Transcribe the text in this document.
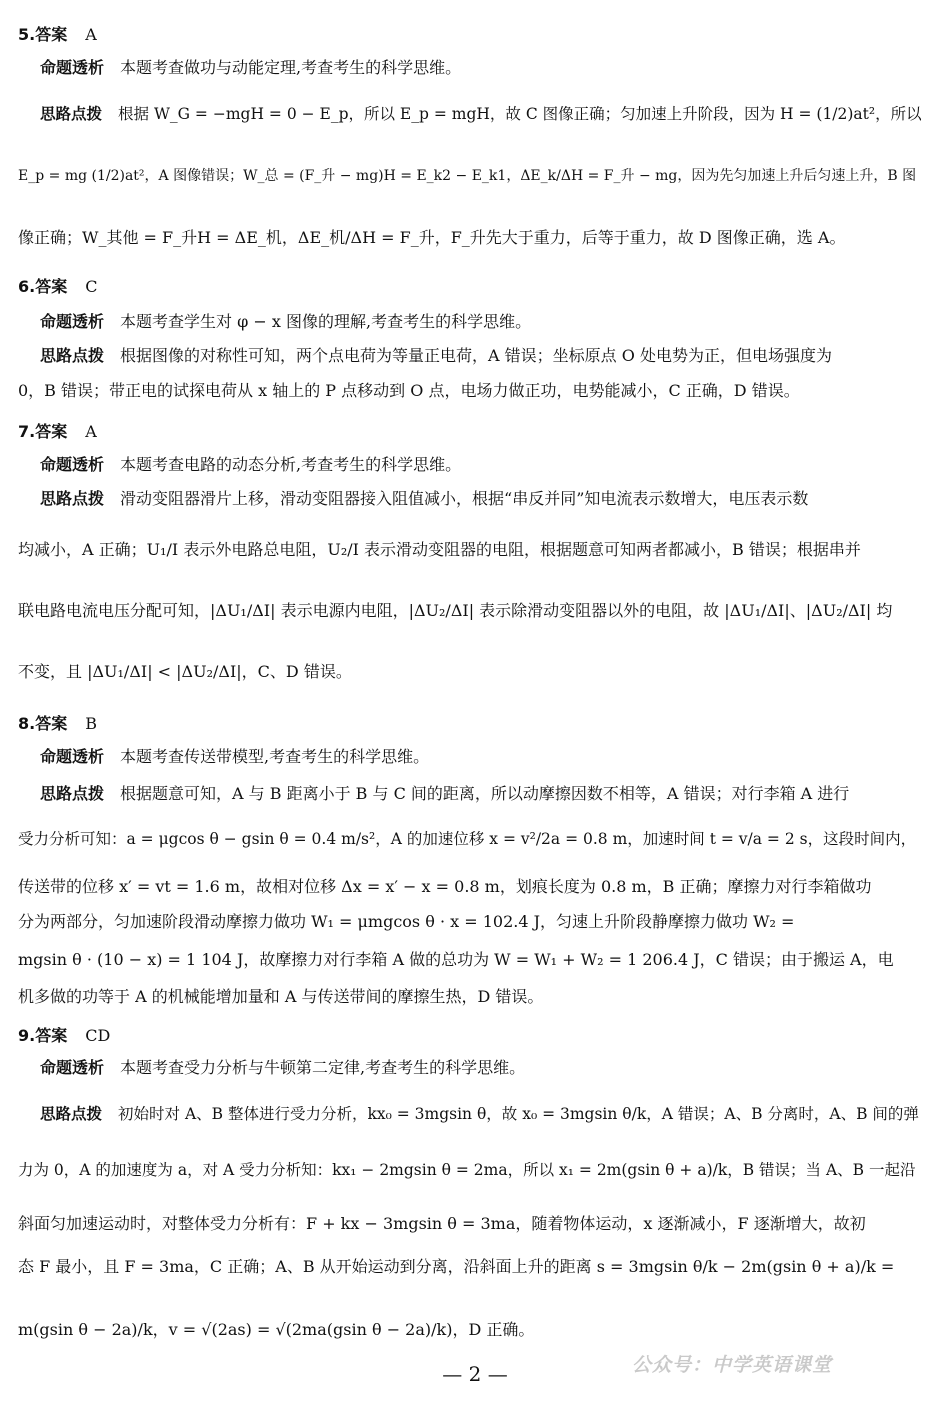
5.答案 A
命题透析 本题考查做功与动能定理,考查考生的科学思维。
思路点拨 根据 W_G = −mgH = 0 − E_p，所以 E_p = mgH，故 C 图像正确；匀加速上升阶段，因为 H = (1/2)at²，所以
E_p = mg (1/2)at²，A 图像错误；W_总 = (F_升 − mg)H = E_k2 − E_k1，ΔE_k/ΔH = F_升 − mg，因为先匀加速上升后匀速上升，B 图
像正确；W_其他 = F_升H = ΔE_机，ΔE_机/ΔH = F_升，F_升先大于重力，后等于重力，故 D 图像正确，选 A。
6.答案 C
命题透析 本题考查学生对 φ − x 图像的理解,考查考生的科学思维。
思路点拨 根据图像的对称性可知，两个点电荷为等量正电荷，A 错误；坐标原点 O 处电势为正，但电场强度为
0，B 错误；带正电的试探电荷从 x 轴上的 P 点移动到 O 点，电场力做正功，电势能减小，C 正确，D 错误。
7.答案 A
命题透析 本题考查电路的动态分析,考查考生的科学思维。
思路点拨 滑动变阻器滑片上移，滑动变阻器接入阻值减小，根据“串反并同”知电流表示数增大，电压表示数
均减小，A 正确；U₁/I 表示外电路总电阻，U₂/I 表示滑动变阻器的电阻，根据题意可知两者都减小，B 错误；根据串并
联电路电流电压分配可知，|ΔU₁/ΔI| 表示电源内电阻，|ΔU₂/ΔI| 表示除滑动变阻器以外的电阻，故 |ΔU₁/ΔI|、|ΔU₂/ΔI| 均
不变，且 |ΔU₁/ΔI| < |ΔU₂/ΔI|，C、D 错误。
8.答案 B
命题透析 本题考查传送带模型,考查考生的科学思维。
思路点拨 根据题意可知，A 与 B 距离小于 B 与 C 间的距离，所以动摩擦因数不相等，A 错误；对行李箱 A 进行
受力分析可知：a = μgcos θ − gsin θ = 0.4 m/s²，A 的加速位移 x = v²/2a = 0.8 m，加速时间 t = v/a = 2 s，这段时间内，
传送带的位移 x′ = vt = 1.6 m，故相对位移 Δx = x′ − x = 0.8 m，划痕长度为 0.8 m，B 正确；摩擦力对行李箱做功
分为两部分，匀加速阶段滑动摩擦力做功 W₁ = μmgcos θ · x = 102.4 J，匀速上升阶段静摩擦力做功 W₂ =
mgsin θ · (10 − x) = 1 104 J，故摩擦力对行李箱 A 做的总功为 W = W₁ + W₂ = 1 206.4 J，C 错误；由于搬运 A，电
机多做的功等于 A 的机械能增加量和 A 与传送带间的摩擦生热，D 错误。
9.答案 CD
命题透析 本题考查受力分析与牛顿第二定律,考查考生的科学思维。
思路点拨 初始时对 A、B 整体进行受力分析，kx₀ = 3mgsin θ，故 x₀ = 3mgsin θ/k，A 错误；A、B 分离时，A、B 间的弹
力为 0，A 的加速度为 a，对 A 受力分析知：kx₁ − 2mgsin θ = 2ma，所以 x₁ = 2m(gsin θ + a)/k，B 错误；当 A、B 一起沿
斜面匀加速运动时，对整体受力分析有：F + kx − 3mgsin θ = 3ma，随着物体运动，x 逐渐减小，F 逐渐增大，故初
态 F 最小，且 F = 3ma，C 正确；A、B 从开始运动到分离，沿斜面上升的距离 s = 3mgsin θ/k − 2m(gsin θ + a)/k =
m(gsin θ − 2a)/k，v = √(2as) = √(2ma(gsin θ − 2a)/k)，D 正确。
— 2 —	公众号：中学英语课堂
